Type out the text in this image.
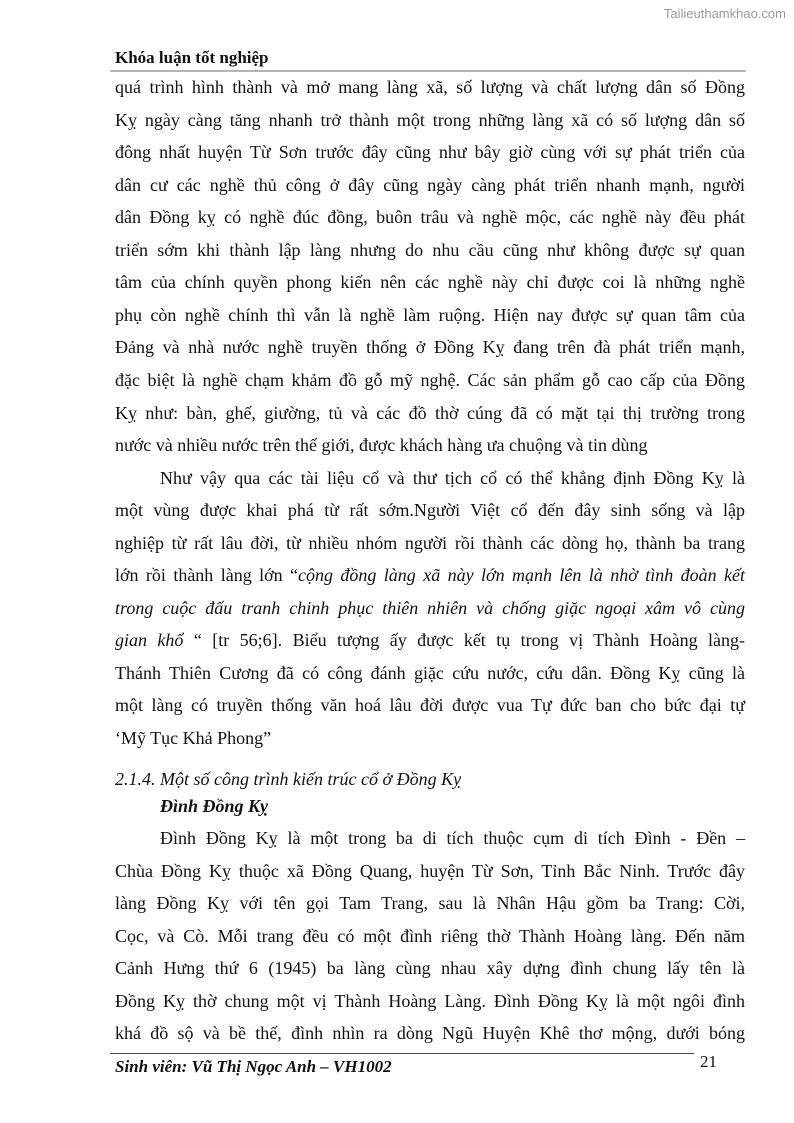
Tailieuthamkhao.com
Khóa luận tốt nghiệp
quá trình hình thành và mở mang làng xã, số lượng và chất lượng dân số Đồng
Kỵ ngày càng tăng nhanh trở thành một trong những làng xã có số lượng dân số
đông nhất huyện Từ Sơn trước đây cũng như bây giờ cùng với sự phát triển của
dân cư các nghề thủ công ở đây cũng ngày càng phát triển nhanh mạnh, người
dân Đồng kỵ có nghề đúc đồng, buôn trâu và nghề mộc, các nghề này đều phát
triển sớm khi thành lập làng nhưng do nhu cầu cũng như không được sự quan
tâm của chính quyền phong kiến nên các nghề này chỉ được coi là những nghề
phụ còn nghề chính thì vẫn là nghề làm ruộng. Hiện nay được sự quan tâm của
Đảng và nhà nước nghề truyền thống ở Đồng Kỵ đang trên đà phát triển mạnh,
đặc biệt là nghề chạm khảm đồ gỗ mỹ nghệ. Các sản phẩm gỗ cao cấp của Đồng
Kỵ như: bàn, ghế, giường, tủ và các đồ thờ cúng đã có mặt tại thị trường trong
nước và nhiều nước trên thế giới, được khách hàng ưa chuộng và tin dùng
Như vậy qua các tài liệu cổ và thư tịch cổ có thể khẳng định Đồng Kỵ là
một vùng được khai phá từ rất sớm.Người Việt cổ đến đây sinh sống và lập
nghiệp từ rất lâu đời, từ nhiều nhóm người rồi thành các dòng họ, thành ba trang
lớn rồi thành làng lớn “cộng đồng làng xã này lớn mạnh lên là nhờ tình đoàn kết
trong cuộc đấu tranh chinh phục thiên nhiên và chống giặc ngoại xâm vô cùng
gian khổ “ [tr 56;6]. Biểu tượng ấy được kết tụ trong vị Thành Hoàng làng-
Thánh Thiên Cương đã có công đánh giặc cứu nước, cứu dân. Đồng Kỵ cũng là
một làng có truyền thống văn hoá lâu đời được vua Tự đức ban cho bức đại tự
‘Mỹ Tục Khả Phong”
Đình Đồng Kỵ là một trong ba di tích thuộc cụm di tích Đình - Đền –
Chùa Đồng Kỵ thuộc xã Đồng Quang, huyện Từ Sơn, Tỉnh Bắc Ninh. Trước đây
làng Đồng Kỵ với tên gọi Tam Trang, sau là Nhân Hậu gồm ba Trang: Cời,
Cọc, và Cò. Mỗi trang đều có một đình riêng thờ Thành Hoàng làng. Đến năm
Cảnh Hưng thứ 6 (1945) ba làng cùng nhau xây dựng đình chung lấy tên là
Đồng Kỵ thờ chung một vị Thành Hoàng Làng. Đình Đồng Kỵ là một ngôi đình
khá đồ sộ và bề thế, đình nhìn ra dòng Ngũ Huyện Khê thơ mộng, dưới bóng
2.1.4. Một số công trình kiến trúc cổ ở Đồng Kỵ
Đình Đồng Kỵ
Sinh viên: Vũ Thị Ngọc Anh – VH1002	21
